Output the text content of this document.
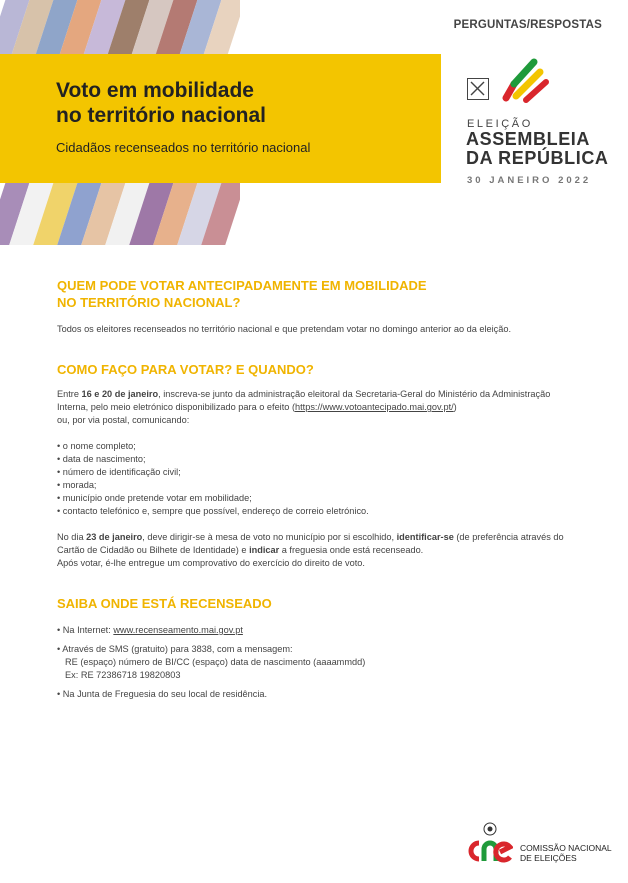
PERGUNTAS/RESPOSTAS
Voto em mobilidade
no território nacional
Cidadãos recenseados no território nacional
ELEIÇÃO
ASSEMBLEIA
DA REPÚBLICA
30 JANEIRO 2022
QUEM PODE VOTAR ANTECIPADAMENTE EM MOBILIDADE
NO TERRITÓRIO NACIONAL?

Todos os eleitores recenseados no território nacional e que pretendam votar no domingo anterior ao da eleição.

COMO FAÇO PARA VOTAR? E QUANDO?

Entre 16 e 20 de janeiro, inscreva-se junto da administração eleitoral da Secretaria-Geral do Ministério da Administração Interna, pelo meio eletrónico disponibilizado para o efeito (https://www.votoantecipado.mai.gov.pt/)
ou, por via postal, comunicando:

• o nome completo;
• data de nascimento;
• número de identificação civil;
• morada;
• município onde pretende votar em mobilidade;
• contacto telefónico e, sempre que possível, endereço de correio eletrónico.

No dia 23 de janeiro, deve dirigir-se à mesa de voto no município por si escolhido, identificar-se (de preferência através do Cartão de Cidadão ou Bilhete de Identidade) e indicar a freguesia onde está recenseado.

Após votar, é-lhe entregue um comprovativo do exercício do direito de voto.

SAIBA ONDE ESTÁ RECENSEADO
• Na Internet: www.recenseamento.mai.gov.pt
• Através de SMS (gratuito) para 3838, com a mensagem:
RE (espaço) número de BI/CC (espaço) data de nascimento (aaaammdd)
Ex: RE 72386718 19820803
• Na Junta de Freguesia do seu local de residência.
COMISSÃO NACIONAL
DE ELEIÇÕES
